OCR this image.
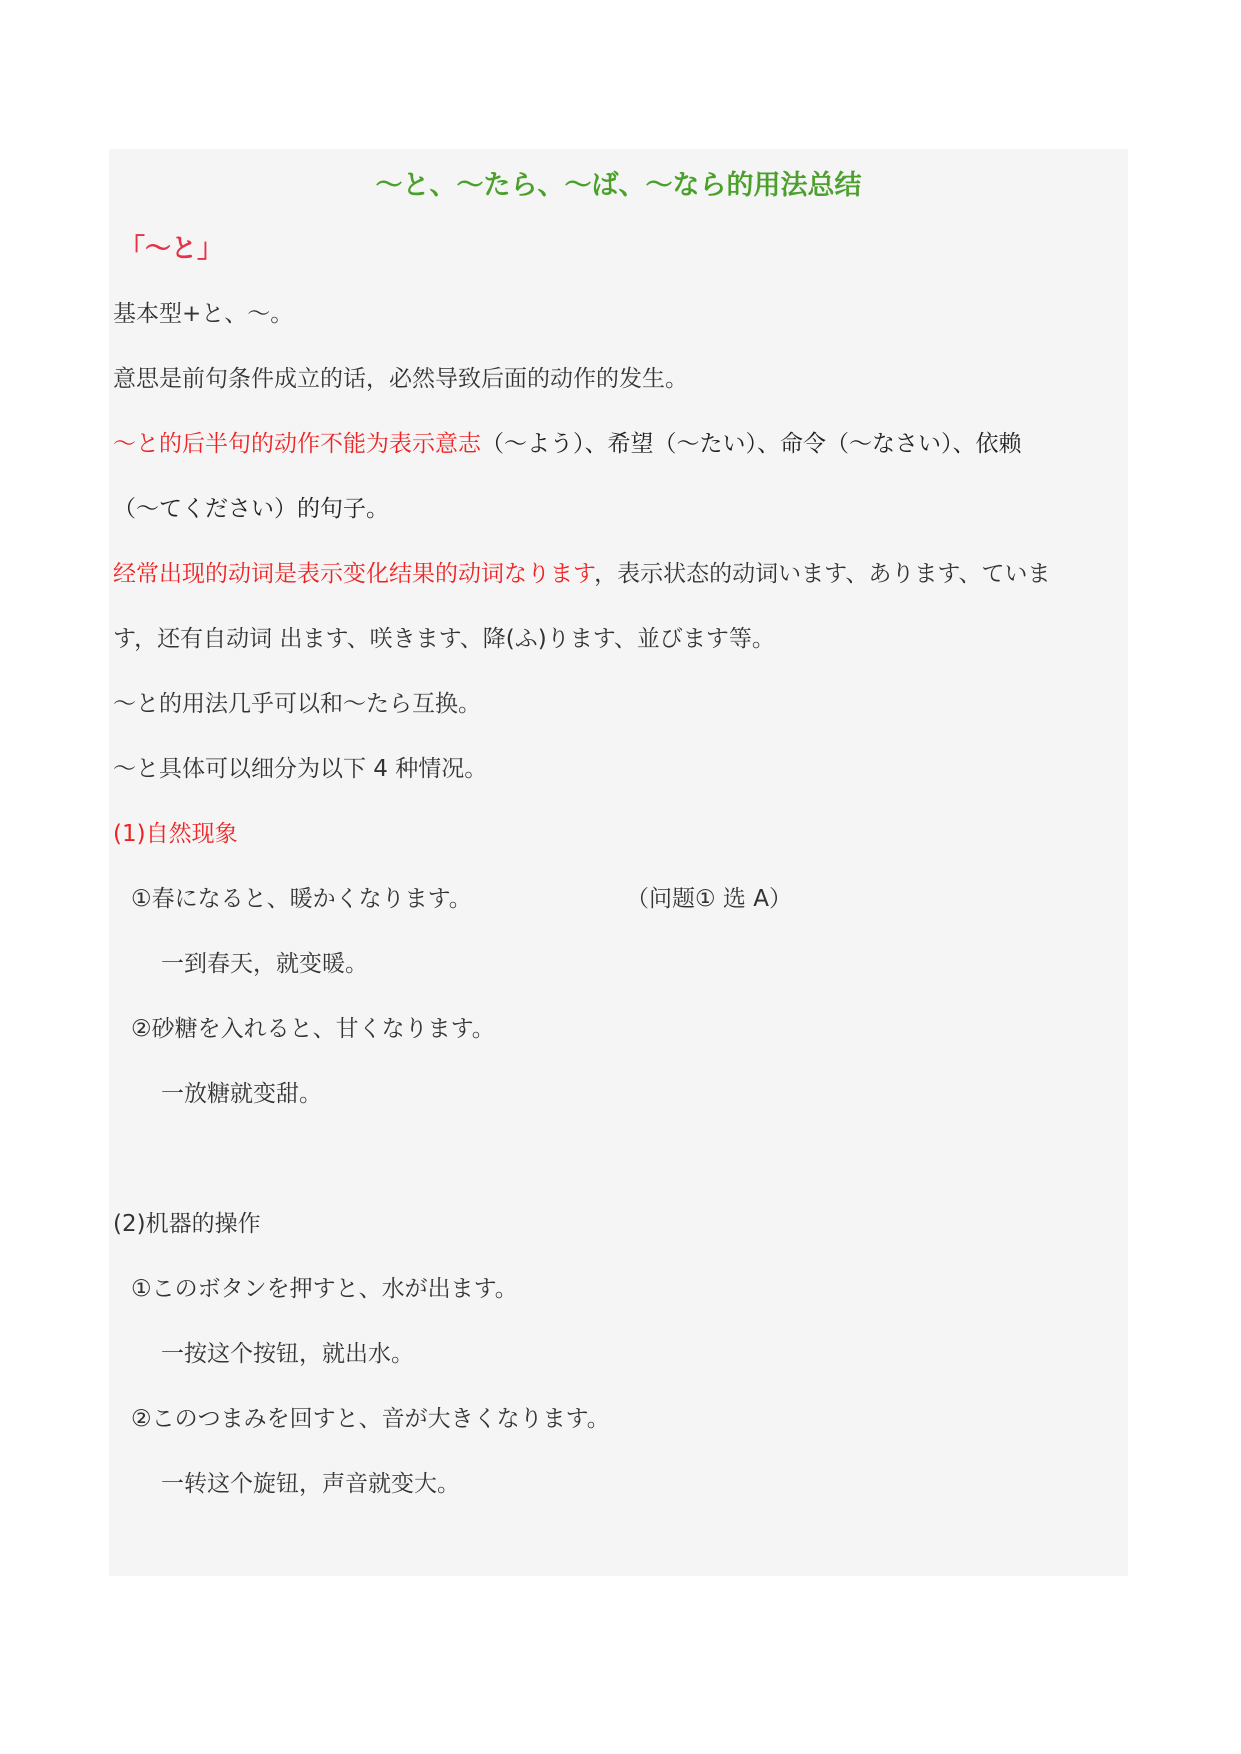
～と、～たら、～ば、～なら的用法总结
「～と」
基本型+と、～。
意思是前句条件成立的话，必然导致后面的动作的发生。
～と的后半句的动作不能为表示意志（～よう）、希望（～たい）、命令（～なさい）、依赖
（～てください）的句子。
经常出现的动词是表示变化结果的动词なります，表示状态的动词います、あります、ていま
す，还有自动词 出ます、咲きます、降(ふ)ります、並びます等。
～と的用法几乎可以和～たら互换。
～と具体可以细分为以下 4 种情况。
(1)自然现象
①春になると、暖かくなります。	（问题① 选 A）
一到春天，就变暖。
②砂糖を入れると、甘くなります。
一放糖就变甜。
(2)机器的操作
①このボタンを押すと、水が出ます。
一按这个按钮，就出水。
②このつまみを回すと、音が大きくなります。
一转这个旋钮，声音就变大。
